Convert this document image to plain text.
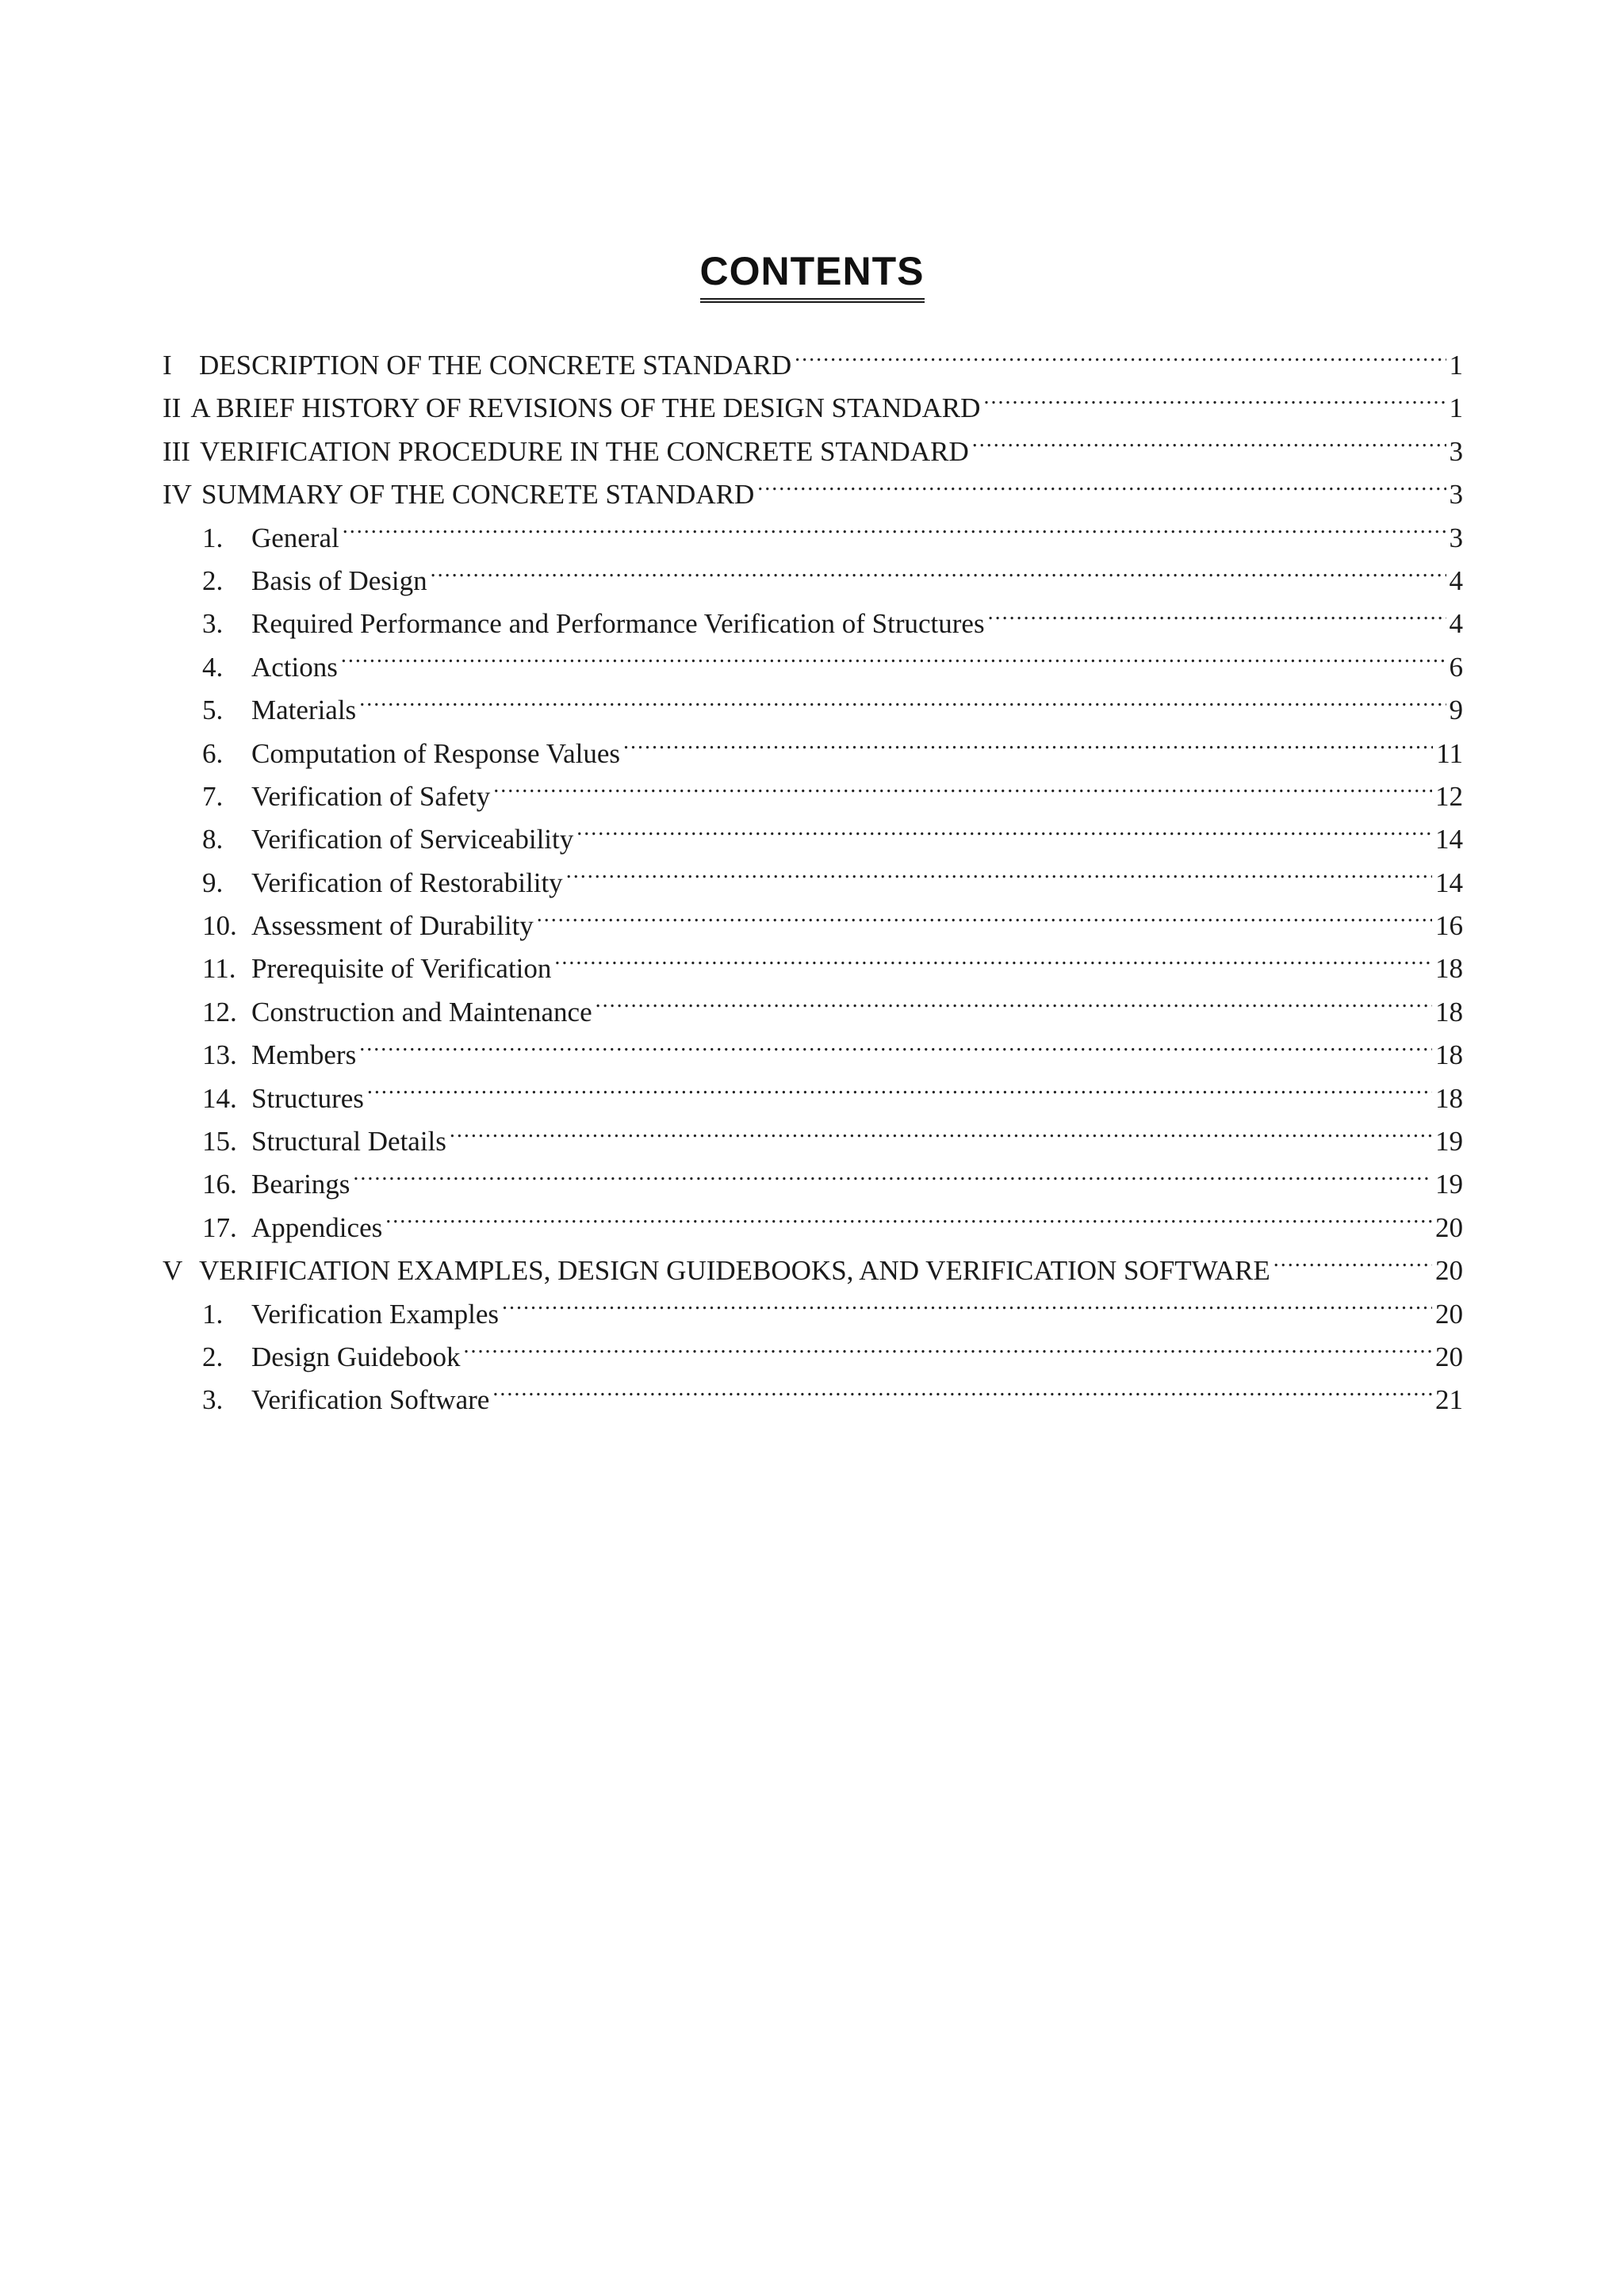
CONTENTS
I DESCRIPTION OF THE CONCRETE STANDARD .....	1
II A BRIEF HISTORY OF REVISIONS OF THE DESIGN STANDARD .....	1
III VERIFICATION PROCEDURE IN THE CONCRETE STANDARD .....	3
IV SUMMARY OF THE CONCRETE STANDARD .....	3
1.	General .....	3
2.	Basis of Design .....	4
3.	Required Performance and Performance Verification of Structures .....	4
4.	Actions .....	6
5.	Materials .....	9
6.	Computation of Response Values .....	11
7.	Verification of Safety .....	12
8.	Verification of Serviceability .....	14
9.	Verification of Restorability .....	14
10. Assessment of Durability .....	16
11. Prerequisite of Verification .....	18
12. Construction and Maintenance .....	18
13. Members .....	18
14. Structures .....	18
15. Structural Details .....	19
16. Bearings .....	19
17. Appendices .....	20
V VERIFICATION EXAMPLES, DESIGN GUIDEBOOKS, AND VERIFICATION SOFTWARE .....	20
1.	Verification Examples .....	20
2.	Design Guidebook .....	20
3.	Verification Software .....	21
